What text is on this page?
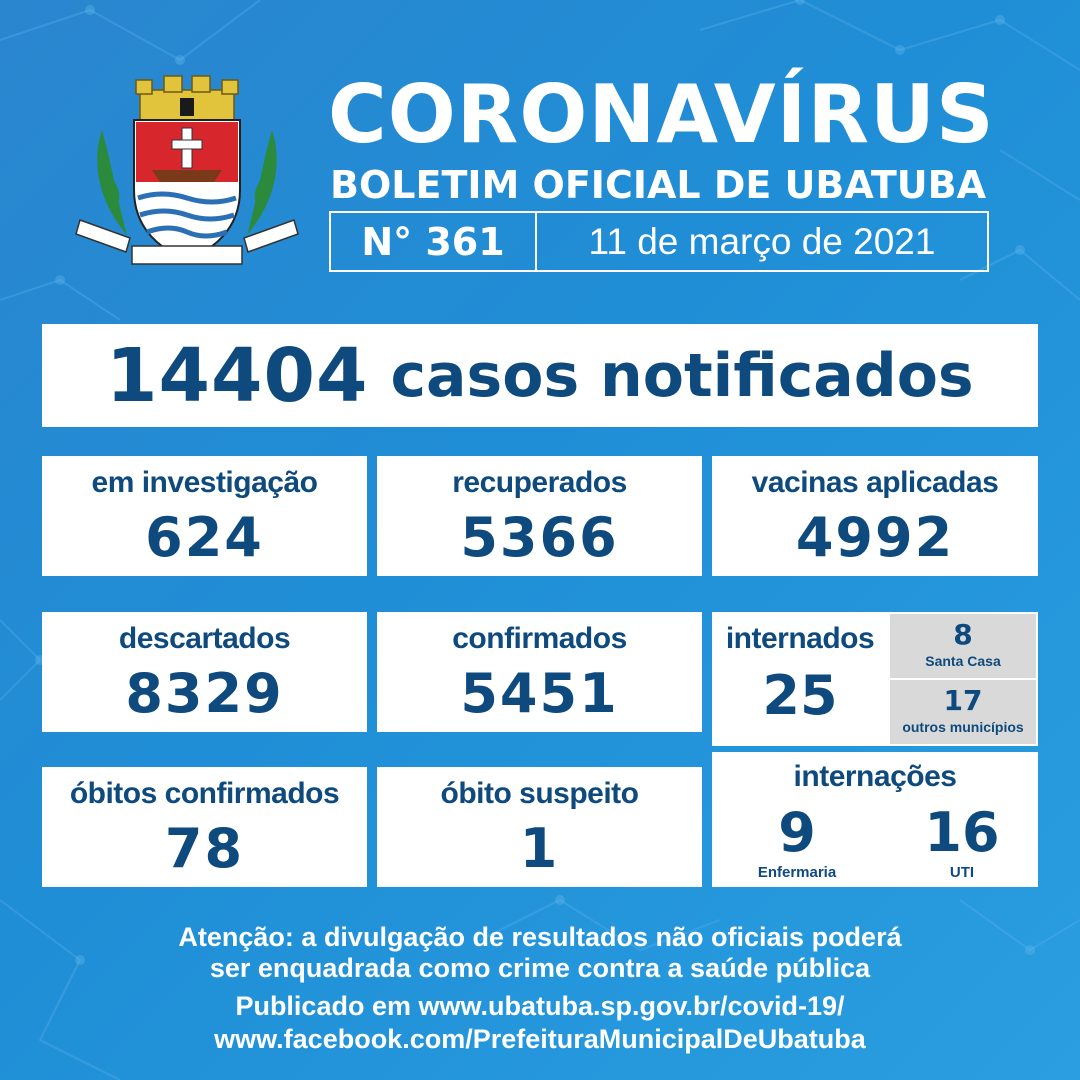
CORONAVÍRUS
BOLETIM OFICIAL DE UBATUBA
N° 361	11 de março de 2021
14404 casos notificados
em investigação
624
recuperados
5366
vacinas aplicadas
4992
descartados
8329
confirmados
5451
óbitos confirmados
78
óbito suspeito
1
internados
25
8
Santa Casa
17
outros municípios
internações
9
Enfermaria
16
UTI
Atenção: a divulgação de resultados não oficiais poderá
ser enquadrada como crime contra a saúde pública
Publicado em www.ubatuba.sp.gov.br/covid-19/
www.facebook.com/PrefeituraMunicipalDeUbatuba
